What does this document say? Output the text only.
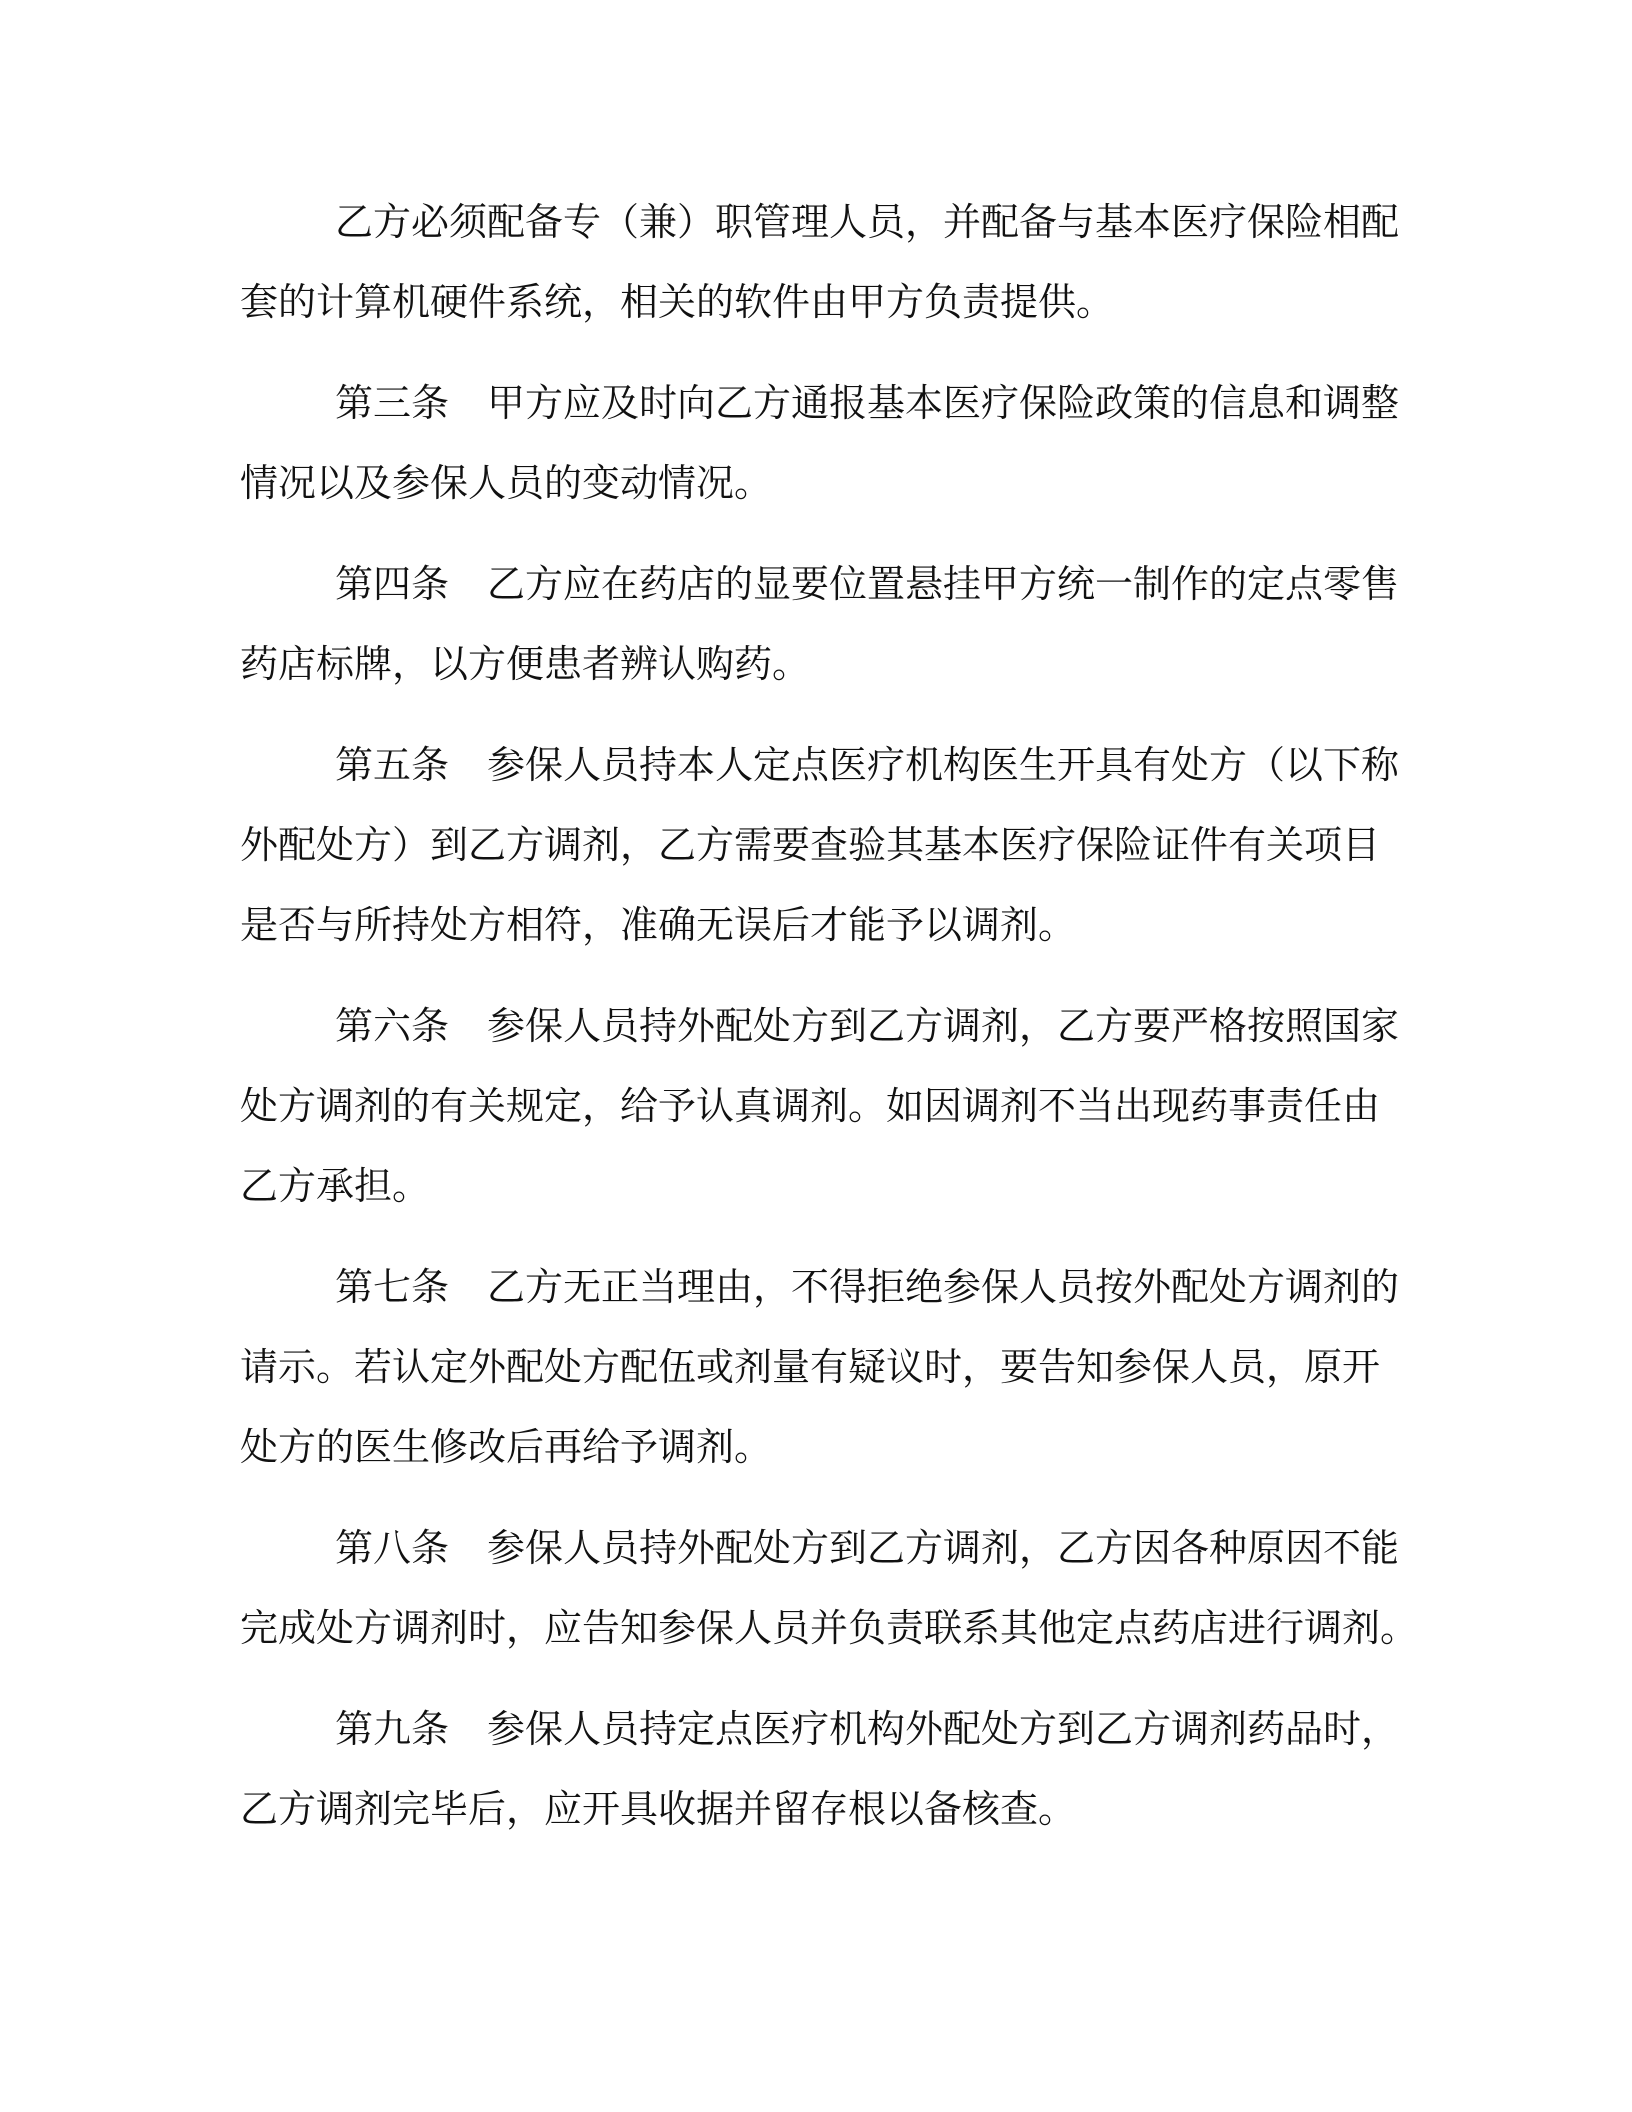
乙方必须配备专（兼）职管理人员，并配备与基本医疗保险相配
套的计算机硬件系统，相关的软件由甲方负责提供。
第三条 甲方应及时向乙方通报基本医疗保险政策的信息和调整
情况以及参保人员的变动情况。
第四条 乙方应在药店的显要位置悬挂甲方统一制作的定点零售
药店标牌，以方便患者辨认购药。
第五条 参保人员持本人定点医疗机构医生开具有处方（以下称
外配处方）到乙方调剂，乙方需要查验其基本医疗保险证件有关项目
是否与所持处方相符，准确无误后才能予以调剂。
第六条 参保人员持外配处方到乙方调剂，乙方要严格按照国家
处方调剂的有关规定，给予认真调剂。如因调剂不当出现药事责任由
乙方承担。
第七条 乙方无正当理由，不得拒绝参保人员按外配处方调剂的
请示。若认定外配处方配伍或剂量有疑议时，要告知参保人员，原开
处方的医生修改后再给予调剂。
第八条 参保人员持外配处方到乙方调剂，乙方因各种原因不能
完成处方调剂时，应告知参保人员并负责联系其他定点药店进行调剂。
第九条 参保人员持定点医疗机构外配处方到乙方调剂药品时，
乙方调剂完毕后，应开具收据并留存根以备核查。
